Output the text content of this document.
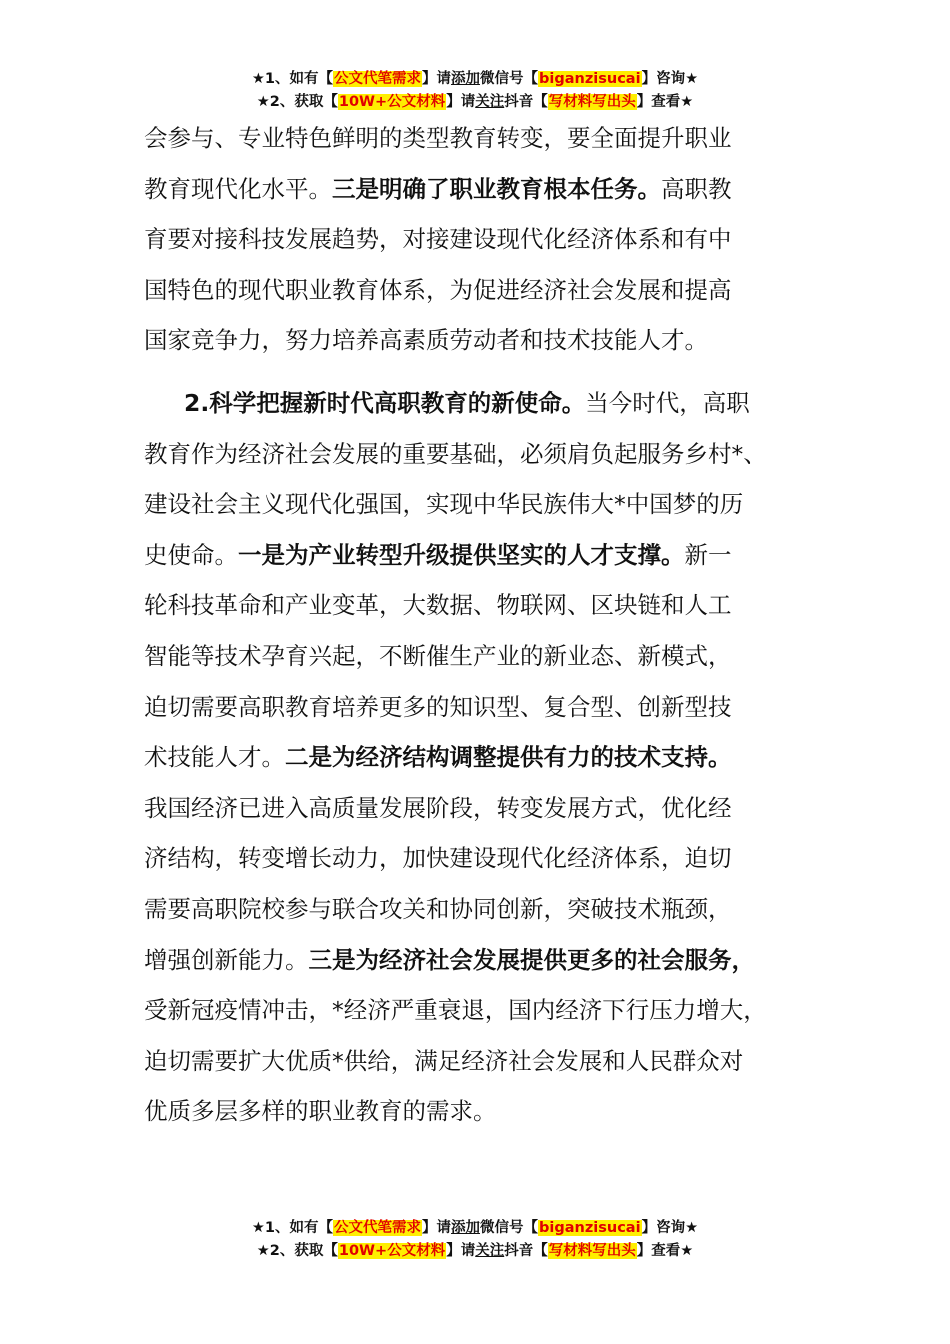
★1、如有【公文代笔需求】请添加微信号【biganzisucai】咨询★
★2、获取【10W+公文材料】请关注抖音【写材料写出头】查看★

会参与、专业特色鲜明的类型教育转变，要全面提升职业

教育现代化水平。三是明确了职业教育根本任务。高职教

育要对接科技发展趋势，对接建设现代化经济体系和有中

国特色的现代职业教育体系，为促进经济社会发展和提高

国家竞争力，努力培养高素质劳动者和技术技能人才。

2.科学把握新时代高职教育的新使命。当今时代，高职

教育作为经济社会发展的重要基础，必须肩负起服务乡村*、

建设社会主义现代化强国，实现中华民族伟大*中国梦的历

史使命。一是为产业转型升级提供坚实的人才支撑。新一

轮科技革命和产业变革，大数据、物联网、区块链和人工

智能等技术孕育兴起，不断催生产业的新业态、新模式，

迫切需要高职教育培养更多的知识型、复合型、创新型技

术技能人才。二是为经济结构调整提供有力的技术支持。

我国经济已进入高质量发展阶段，转变发展方式，优化经

济结构，转变增长动力，加快建设现代化经济体系，迫切

需要高职院校参与联合攻关和协同创新，突破技术瓶颈，

增强创新能力。三是为经济社会发展提供更多的社会服务，

受新冠疫情冲击，*经济严重衰退，国内经济下行压力增大，

迫切需要扩大优质*供给，满足经济社会发展和人民群众对

优质多层多样的职业教育的需求。

★1、如有【公文代笔需求】请添加微信号【biganzisucai】咨询★
★2、获取【10W+公文材料】请关注抖音【写材料写出头】查看★
